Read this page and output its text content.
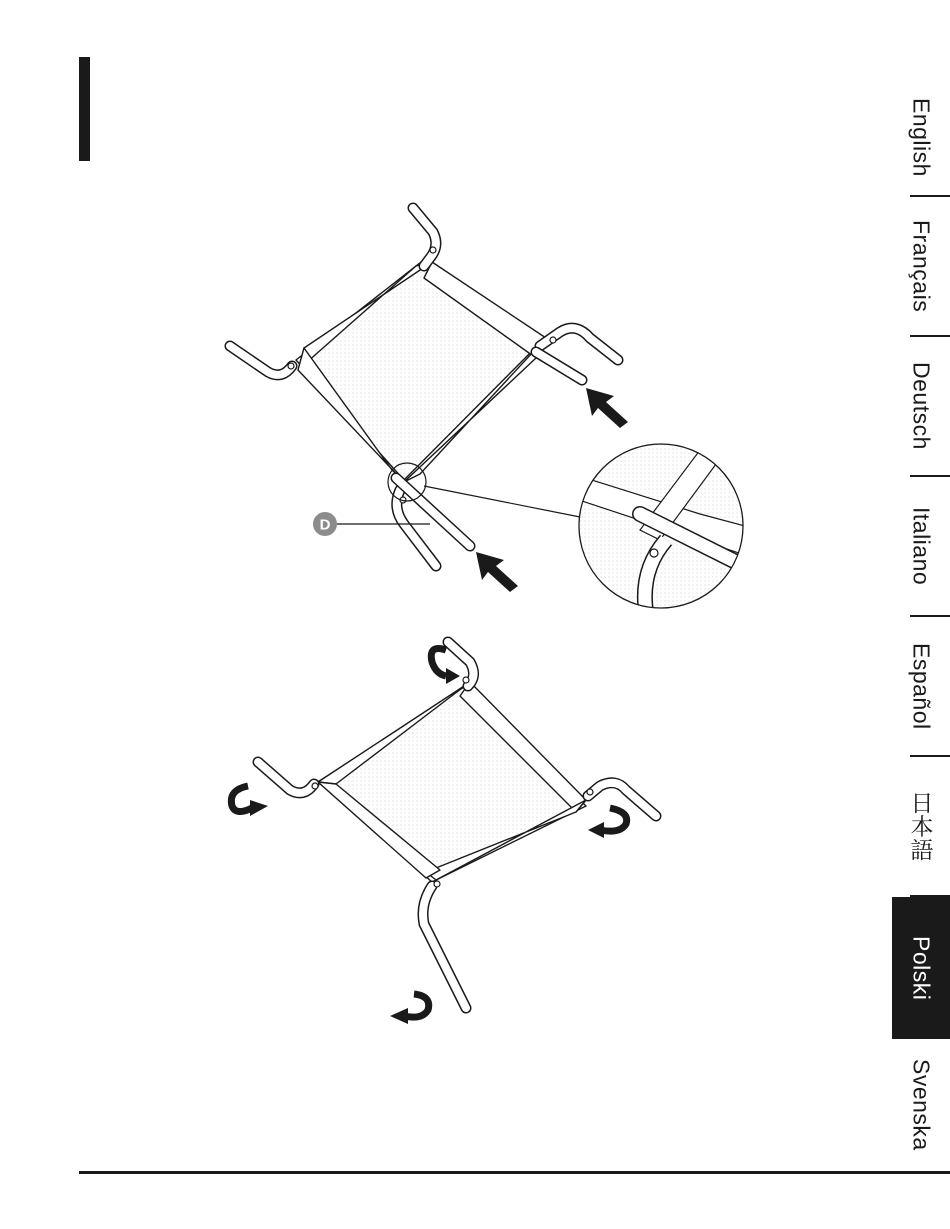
D
English
Français
Deutsch
Italiano
Español
日本語
Polski
Svenska
